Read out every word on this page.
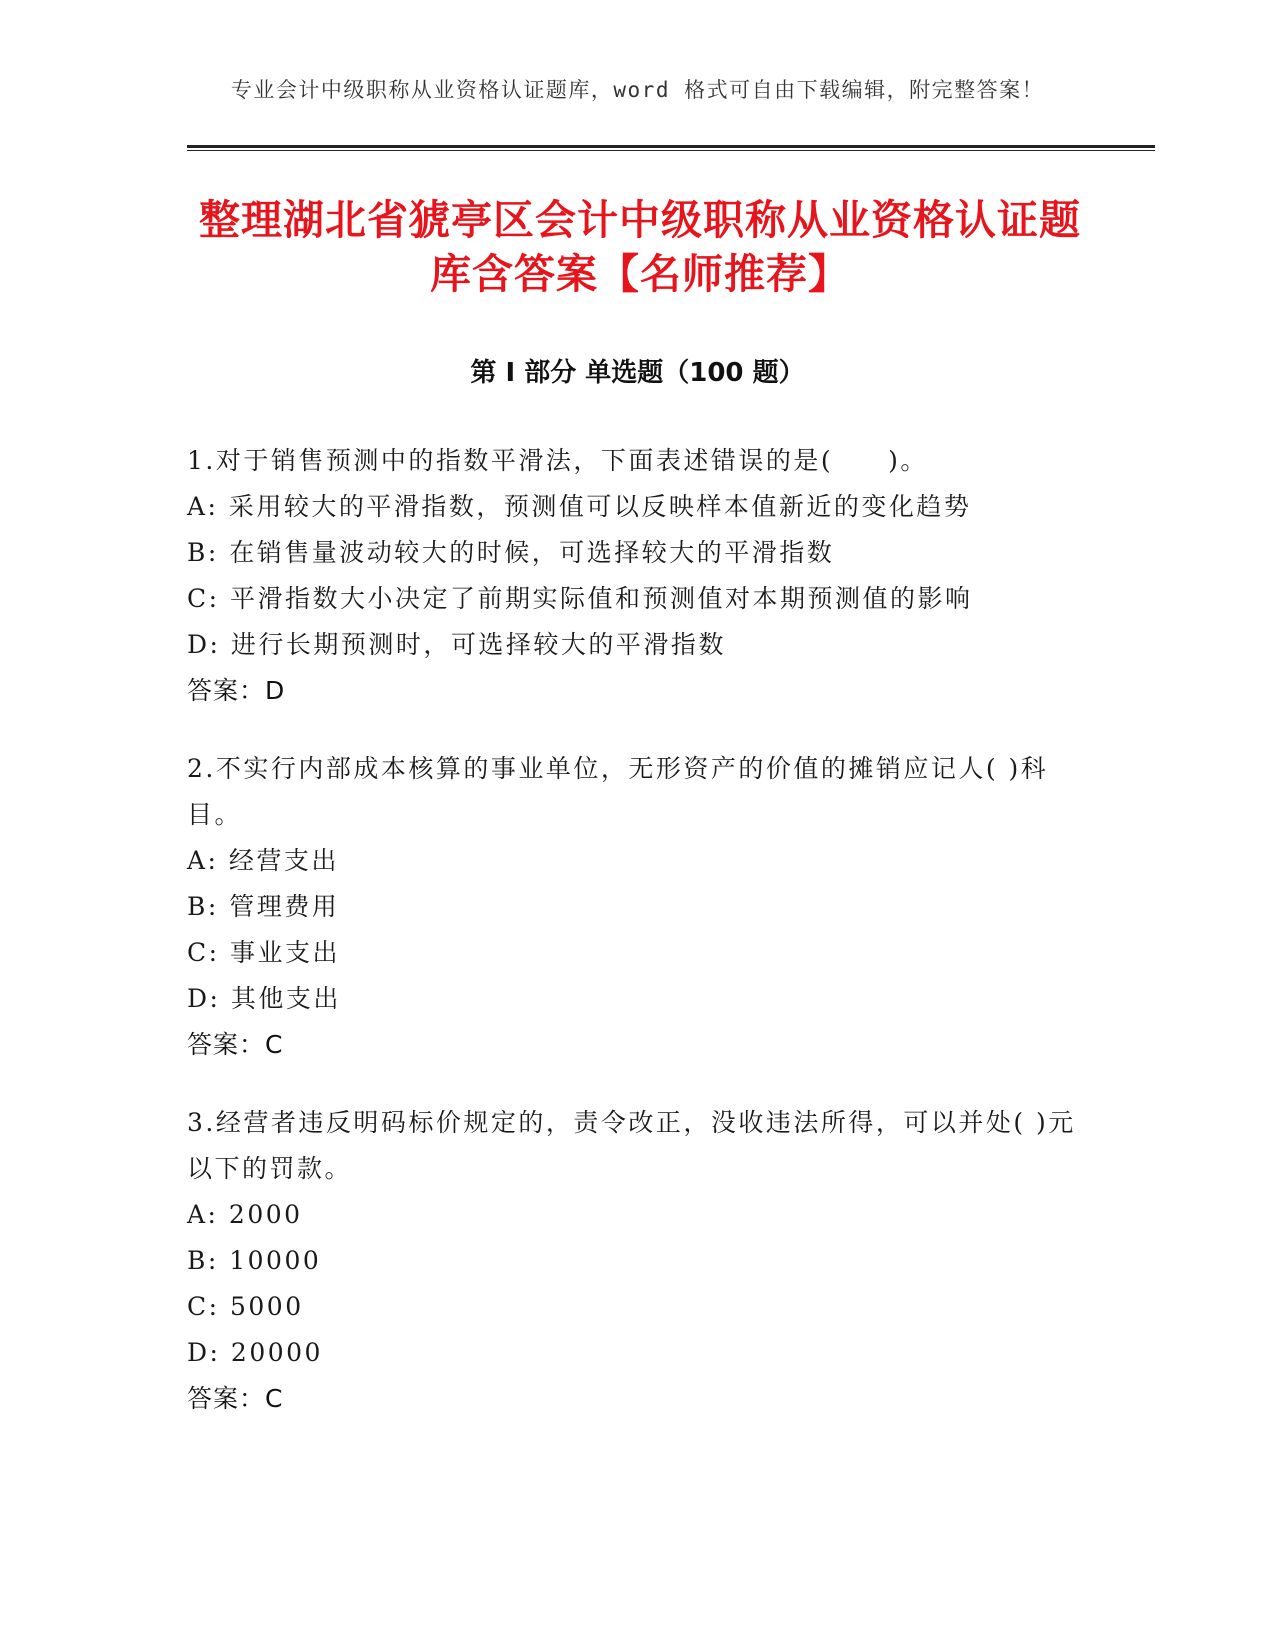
专业会计中级职称从业资格认证题库，word 格式可自由下载编辑，附完整答案！
整理湖北省猇亭区会计中级职称从业资格认证题库含答案【名师推荐】
第 I 部分 单选题（100 题）

1.对于销售预测中的指数平滑法，下面表述错误的是(　　)。

A: 采用较大的平滑指数，预测值可以反映样本值新近的变化趋势

B: 在销售量波动较大的时候，可选择较大的平滑指数

C: 平滑指数大小决定了前期实际值和预测值对本期预测值的影响

D: 进行长期预测时，可选择较大的平滑指数

答案：D

2.不实行内部成本核算的事业单位，无形资产的价值的摊销应记人( )科目。

A: 经营支出

B: 管理费用

C: 事业支出

D: 其他支出

答案：C

3.经营者违反明码标价规定的，责令改正，没收违法所得，可以并处( )元以下的罚款。

A: 2000

B: 10000

C: 5000

D: 20000

答案：C
